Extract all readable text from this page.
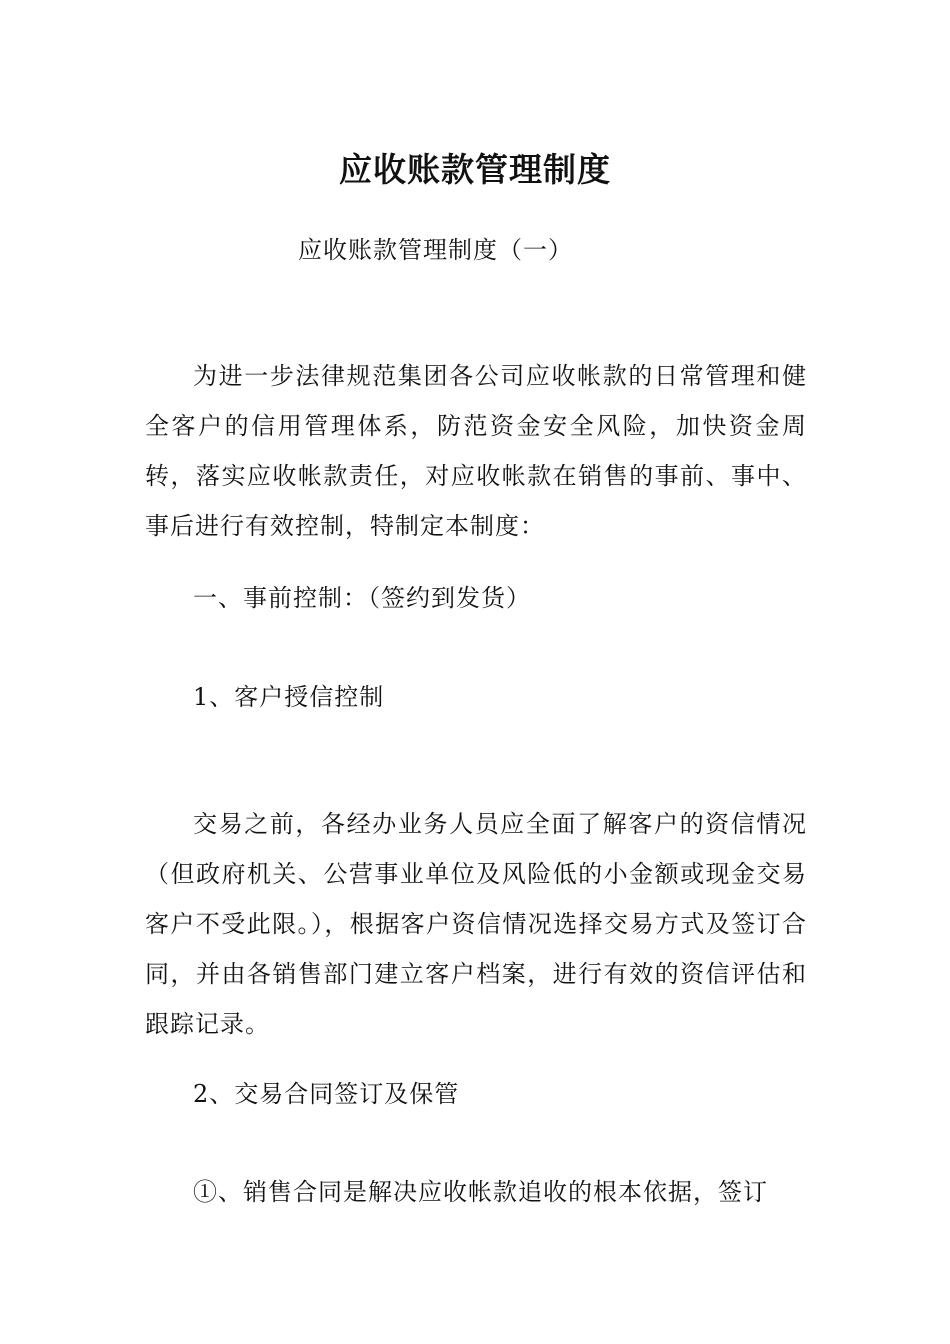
应收账款管理制度
应收账款管理制度（一）

为进一步法律规范集团各公司应收帐款的日常管理和健全客户的信用管理体系，防范资金安全风险，加快资金周转，落实应收帐款责任，对应收帐款在销售的事前、事中、事后进行有效控制，特制定本制度：

一、事前控制：（签约到发货）
1、客户授信控制

交易之前，各经办业务人员应全面了解客户的资信情况（但政府机关、公营事业单位及风险低的小金额或现金交易客户不受此限。），根据客户资信情况选择交易方式及签订合同，并由各销售部门建立客户档案，进行有效的资信评估和跟踪记录。

2、交易合同签订及保管
①、销售合同是解决应收帐款追收的根本依据，签订
